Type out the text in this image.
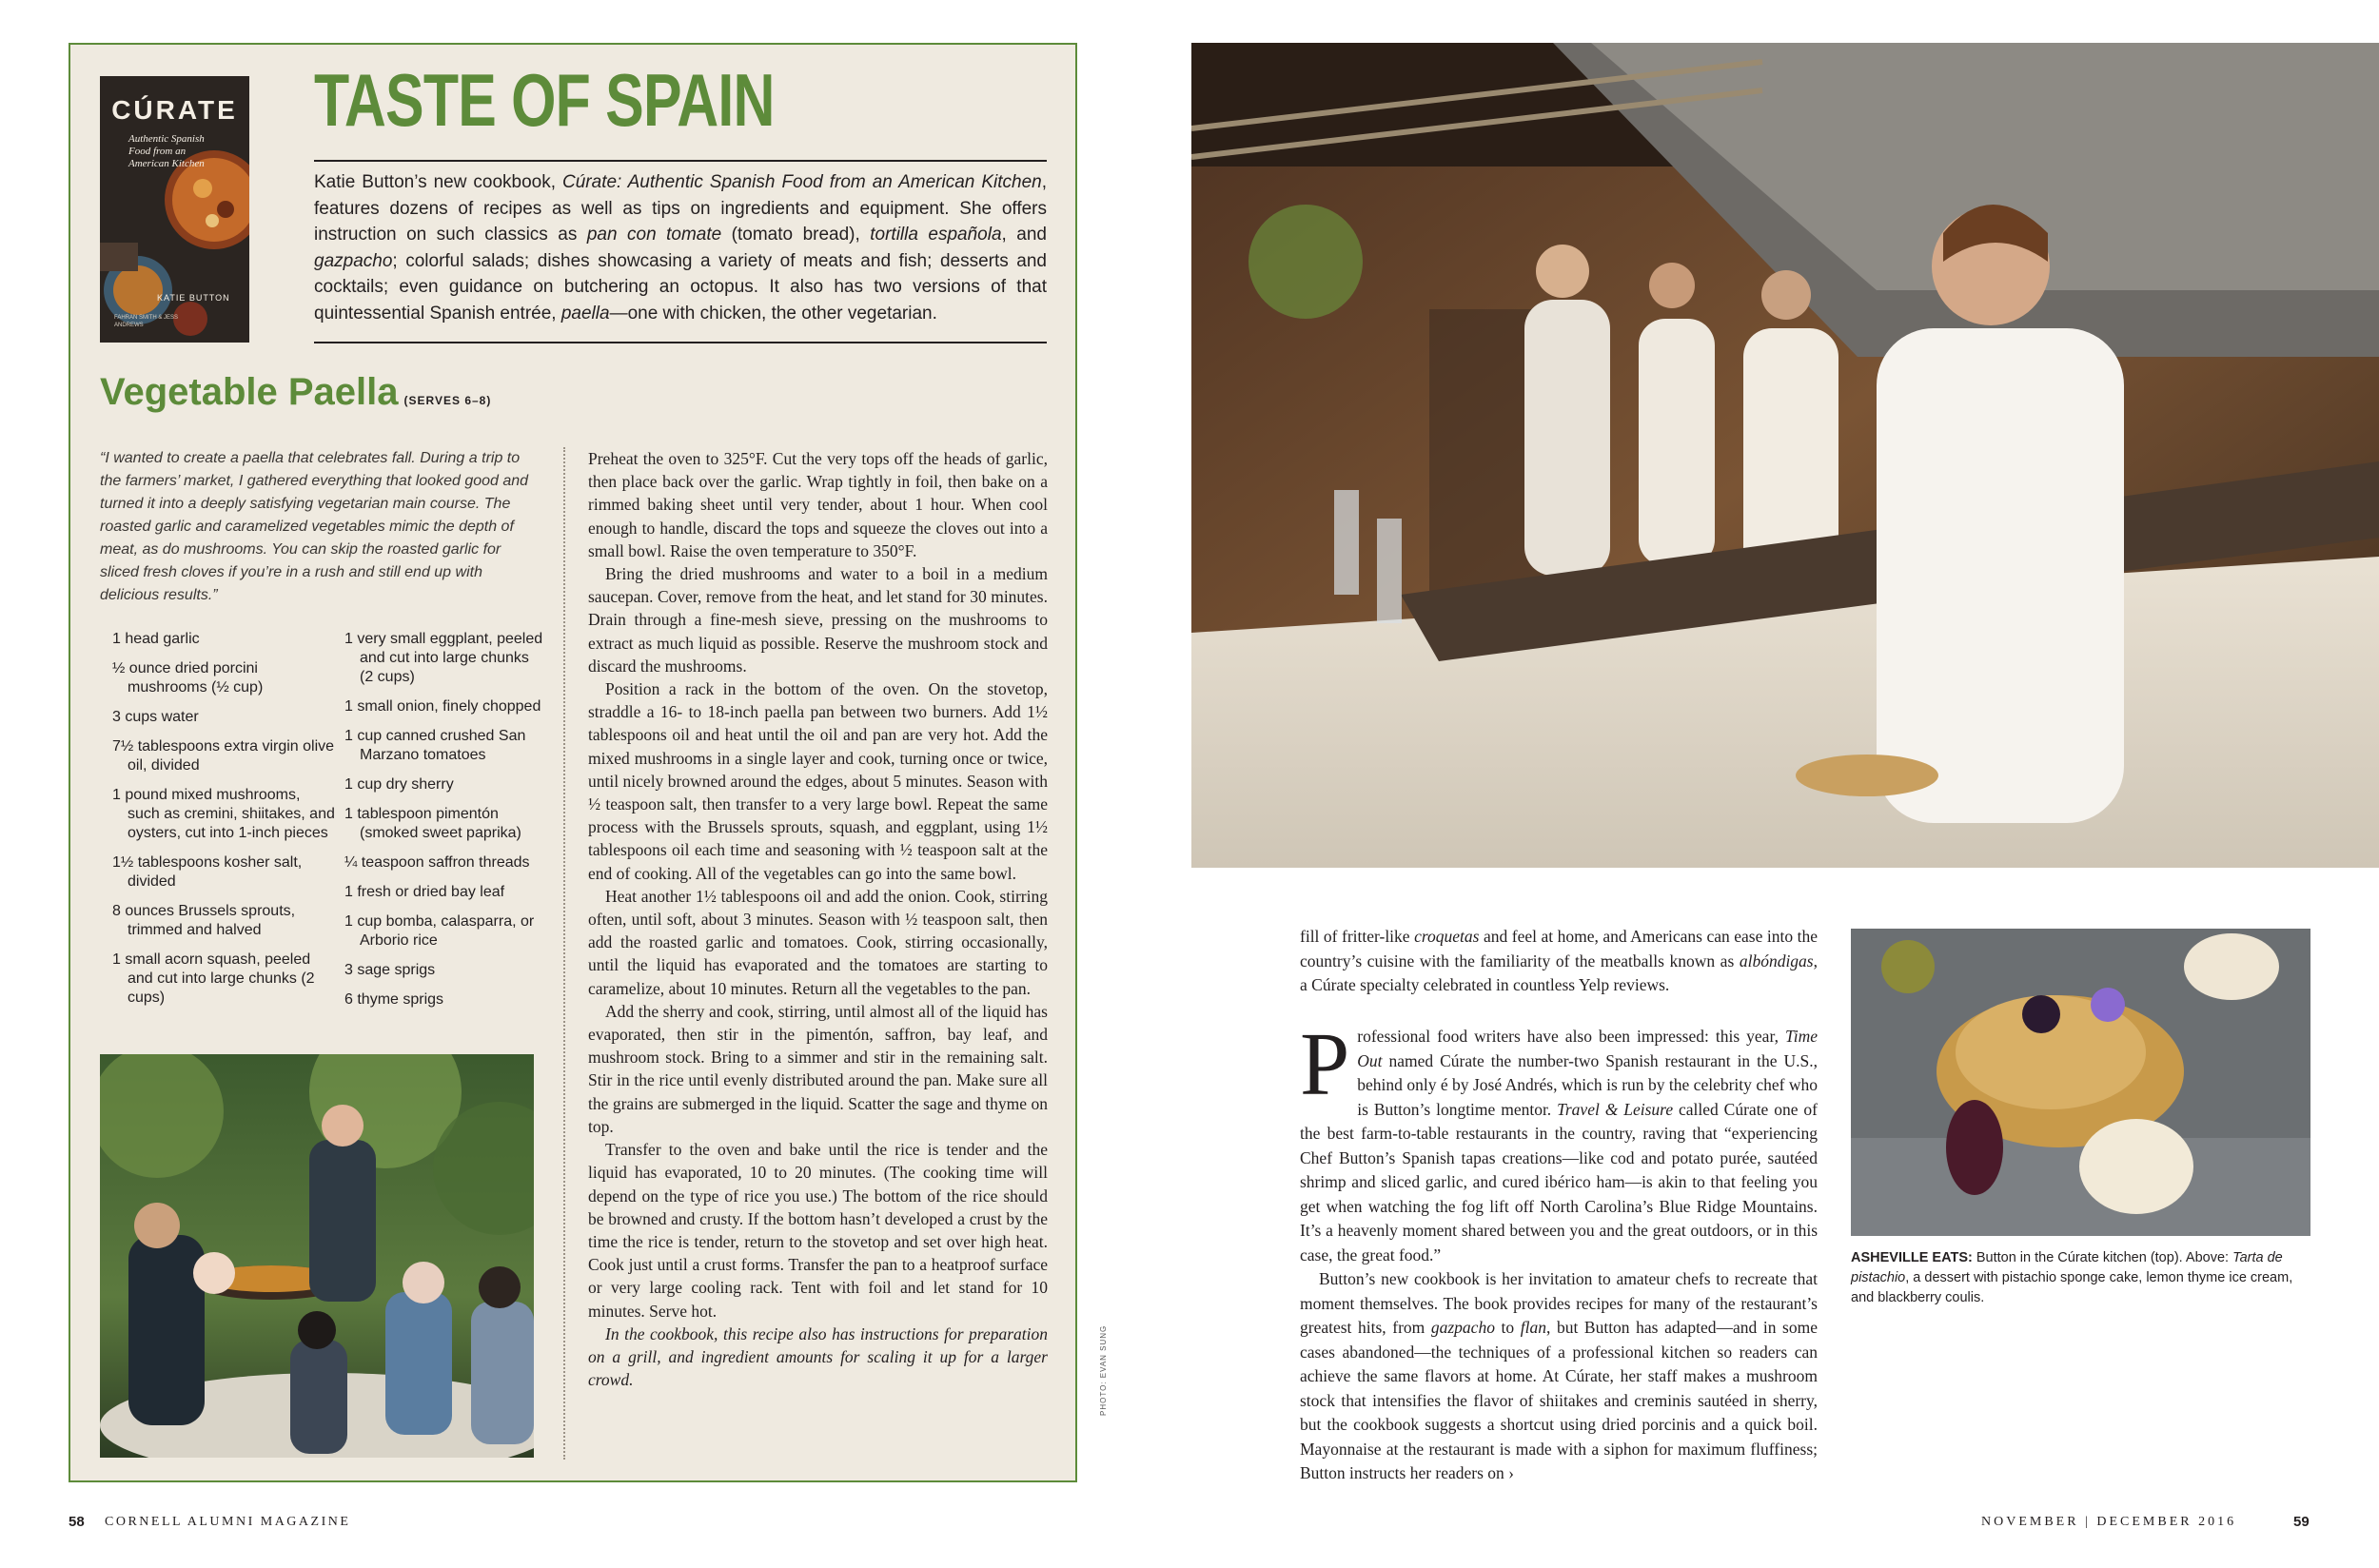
CÚRATE
Authentic Spanish Food from an American Kitchen
KATIE BUTTON
FAHRAN SMITH & JESS ANDREWS
TASTE OF SPAIN
Katie Button’s new cookbook, Cúrate: Authentic Spanish Food from an American Kitchen, features dozens of recipes as well as tips on ingredients and equipment. She offers instruction on such classics as pan con tomate (tomato bread), tortilla española, and gazpacho; colorful salads; dishes showcasing a variety of meats and fish; desserts and cocktails; even guidance on butchering an octopus. It also has two versions of that quintessential Spanish entrée, paella—one with chicken, the other vegetarian.
Vegetable Paella (SERVES 6–8)
“I wanted to create a paella that celebrates fall. During a trip to the farmers’ market, I gathered everything that looked good and turned it into a deeply satisfying vegetarian main course. The roasted garlic and caramelized vegetables mimic the depth of meat, as do mushrooms. You can skip the roasted garlic for sliced fresh cloves if you’re in a rush and still end up with delicious results.”
1 head garlic
½ ounce dried porcini mushrooms (½ cup)
3 cups water
7½ tablespoons extra virgin olive oil, divided
1 pound mixed mushrooms, such as cremini, shiitakes, and oysters, cut into 1-inch pieces
1½ tablespoons kosher salt, divided
8 ounces Brussels sprouts, trimmed and halved
1 small acorn squash, peeled and cut into large chunks (2 cups)
1 very small eggplant, peeled and cut into large chunks (2 cups)
1 small onion, finely chopped
1 cup canned crushed San Marzano tomatoes
1 cup dry sherry
1 tablespoon pimentón (smoked sweet paprika)
¼ teaspoon saffron threads
1 fresh or dried bay leaf
1 cup bomba, calasparra, or Arborio rice
3 sage sprigs
6 thyme sprigs

Preheat the oven to 325°F. Cut the very tops off the heads of garlic, then place back over the garlic. Wrap tightly in foil, then bake on a rimmed baking sheet until very tender, about 1 hour. When cool enough to handle, discard the tops and squeeze the cloves out into a small bowl. Raise the oven temperature to 350°F.

Bring the dried mushrooms and water to a boil in a medium saucepan. Cover, remove from the heat, and let stand for 30 minutes. Drain through a fine-mesh sieve, pressing on the mushrooms to extract as much liquid as possible. Reserve the mushroom stock and discard the mushrooms.

Position a rack in the bottom of the oven. On the stovetop, straddle a 16- to 18-inch paella pan between two burners. Add 1½ tablespoons oil and heat until the oil and pan are very hot. Add the mixed mushrooms in a single layer and cook, turning once or twice, until nicely browned around the edges, about 5 minutes. Season with ½ teaspoon salt, then transfer to a very large bowl. Repeat the same process with the Brussels sprouts, squash, and eggplant, using 1½ tablespoons oil each time and seasoning with ½ teaspoon salt at the end of cooking. All of the vegetables can go into the same bowl.

Heat another 1½ tablespoons oil and add the onion. Cook, stirring often, until soft, about 3 minutes. Season with ½ teaspoon salt, then add the roasted garlic and tomatoes. Cook, stirring occasionally, until the liquid has evaporated and the tomatoes are starting to caramelize, about 10 minutes. Return all the vegetables to the pan.

Add the sherry and cook, stirring, until almost all of the liquid has evaporated, then stir in the pimentón, saffron, bay leaf, and mushroom stock. Bring to a simmer and stir in the remaining salt. Stir in the rice until evenly distributed around the pan. Make sure all the grains are submerged in the liquid. Scatter the sage and thyme on top.

Transfer to the oven and bake until the rice is tender and the liquid has evaporated, 10 to 20 minutes. (The cooking time will depend on the type of rice you use.) The bottom of the rice should be browned and crusty. If the bottom hasn’t developed a crust by the time the rice is tender, return to the stovetop and set over high heat. Cook just until a crust forms. Transfer the pan to a heatproof surface or very large cooling rack. Tent with foil and let stand for 10 minutes. Serve hot.

In the cookbook, this recipe also has instructions for preparation on a grill, and ingredient amounts for scaling it up for a larger crowd.	PHOTO: EVAN SUNG
58 CORNELL ALUMNI MAGAZINE
ASHEVILLE EATS: Button in the Cúrate kitchen (top). Above: Tarta de pistachio, a dessert with pistachio sponge cake, lemon thyme ice cream, and blackberry coulis.
fill of fritter-like croquetas and feel at home, and Americans can ease into the country’s cuisine with the familiarity of the meatballs known as albóndigas, a Cúrate specialty celebrated in countless Yelp reviews.

Professional food writers have also been impressed: this year, Time Out named Cúrate the number-two Spanish restaurant in the U.S., behind only é by José Andrés, which is run by the celebrity chef who is Button’s longtime mentor. Travel & Leisure called Cúrate one of the best farm-to-table restaurants in the country, raving that “experiencing Chef Button’s Spanish tapas creations—like cod and potato purée, sautéed shrimp and sliced garlic, and cured ibérico ham—is akin to that feeling you get when watching the fog lift off North Carolina’s Blue Ridge Mountains. It’s a heavenly moment shared between you and the great outdoors, or in this case, the great food.”

Button’s new cookbook is her invitation to amateur chefs to recreate that moment themselves. The book provides recipes for many of the restaurant’s greatest hits, from gazpacho to flan, but Button has adapted—and in some cases abandoned—the techniques of a professional kitchen so readers can achieve the same flavors at home. At Cúrate, her staff makes a mushroom stock that intensifies the flavor of shiitakes and creminis sautéed in sherry, but the cookbook suggests a shortcut using dried porcinis and a quick boil. Mayonnaise at the restaurant is made with a siphon for maximum fluffiness; Button instructs her readers on ›

NOVEMBER | DECEMBER 2016	59
